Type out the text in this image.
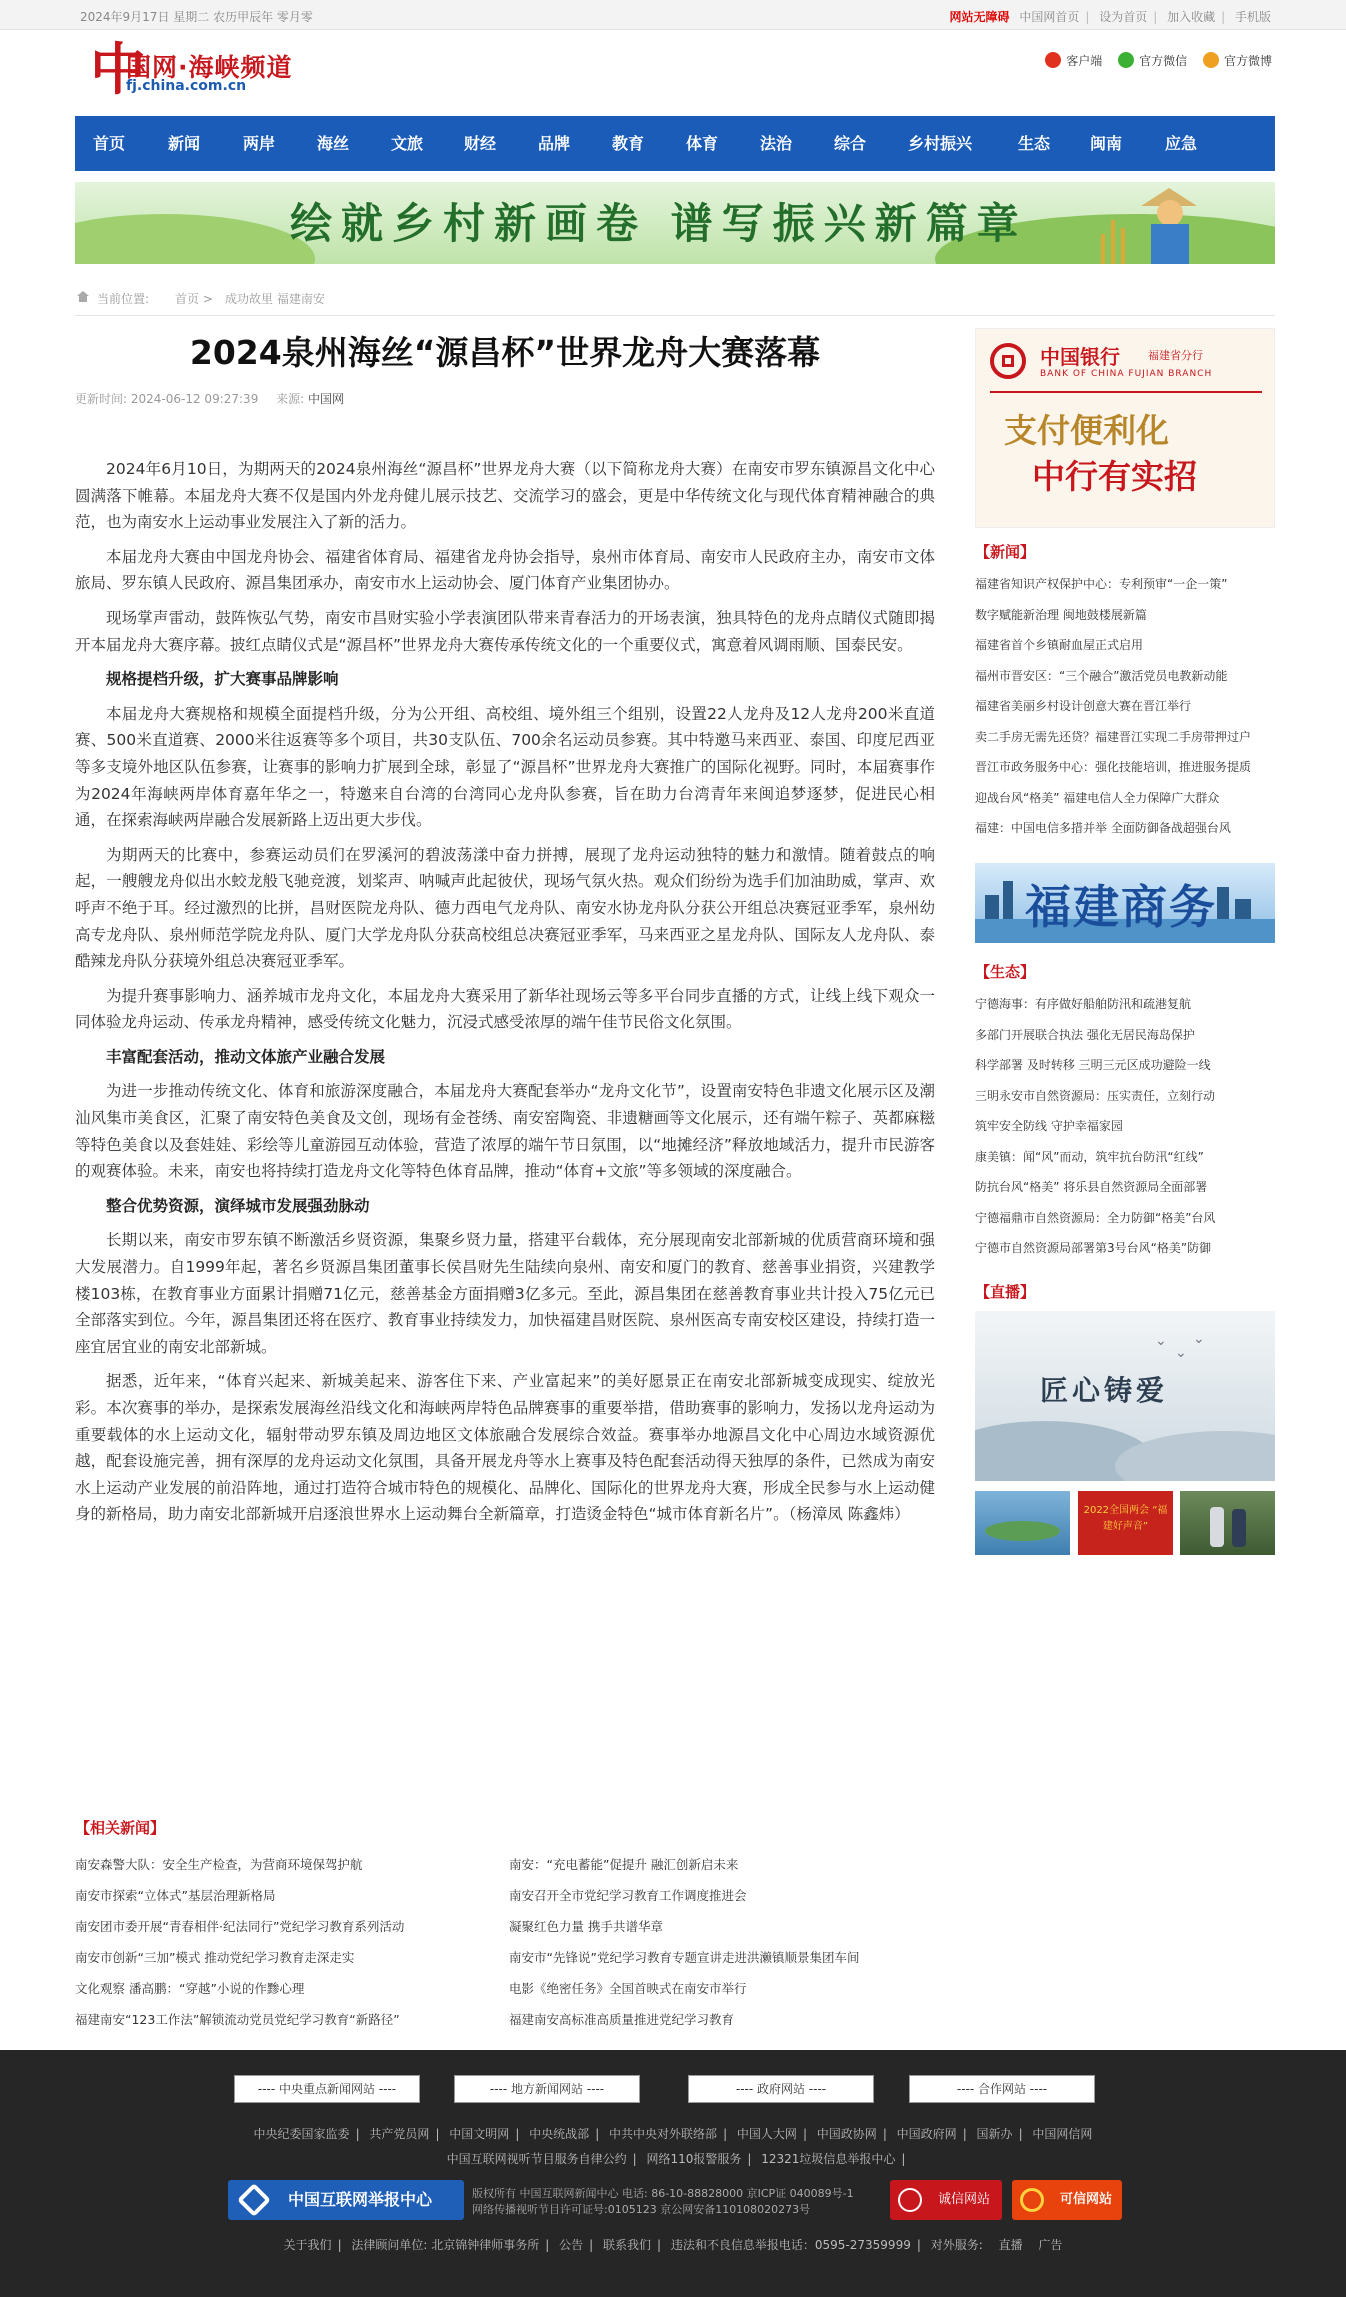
2024年9月17日 星期二 农历甲辰年 零月零	网站无障碍 中国网首页 | 设为首页 | 加入收藏 | 手机版
中
国网·海峡频道
fj.china.com.cn
客户端	官方微信	官方微博
首页	新闻	两岸	海丝	文旅	财经	品牌	教育	体育	法治	综合	乡村振兴	生态 闽南	应急
绘就乡村新画卷 谱写振兴新篇章
当前位置: 首页 > 成功故里 福建南安
2024泉州海丝“源昌杯”世界龙舟大赛落幕
更新时间: 2024-06-12 09:27:39 来源: 中国网

2024年6月10日，为期两天的2024泉州海丝“源昌杯”世界龙舟大赛（以下简称龙舟大赛）在南安市罗东镇源昌文化中心圆满落下帷幕。本届龙舟大赛不仅是国内外龙舟健儿展示技艺、交流学习的盛会，更是中华传统文化与现代体育精神融合的典范，也为南安水上运动事业发展注入了新的活力。

本届龙舟大赛由中国龙舟协会、福建省体育局、福建省龙舟协会指导，泉州市体育局、南安市人民政府主办，南安市文体旅局、罗东镇人民政府、源昌集团承办，南安市水上运动协会、厦门体育产业集团协办。

现场掌声雷动，鼓阵恢弘气势，南安市昌财实验小学表演团队带来青春活力的开场表演，独具特色的龙舟点睛仪式随即揭开本届龙舟大赛序幕。披红点睛仪式是“源昌杯”世界龙舟大赛传承传统文化的一个重要仪式，寓意着风调雨顺、国泰民安。

规格提档升级，扩大赛事品牌影响

本届龙舟大赛规格和规模全面提档升级，分为公开组、高校组、境外组三个组别，设置22人龙舟及12人龙舟200米直道赛、500米直道赛、2000米往返赛等多个项目，共30支队伍、700余名运动员参赛。其中特邀马来西亚、泰国、印度尼西亚等多支境外地区队伍参赛，让赛事的影响力扩展到全球，彰显了“源昌杯”世界龙舟大赛推广的国际化视野。同时，本届赛事作为2024年海峡两岸体育嘉年华之一，特邀来自台湾的台湾同心龙舟队参赛，旨在助力台湾青年来闽追梦逐梦，促进民心相通，在探索海峡两岸融合发展新路上迈出更大步伐。

为期两天的比赛中，参赛运动员们在罗溪河的碧波荡漾中奋力拼搏，展现了龙舟运动独特的魅力和激情。随着鼓点的响起，一艘艘龙舟似出水蛟龙般飞驰竞渡，划桨声、呐喊声此起彼伏，现场气氛火热。观众们纷纷为选手们加油助威，掌声、欢呼声不绝于耳。经过激烈的比拼，昌财医院龙舟队、德力西电气龙舟队、南安水协龙舟队分获公开组总决赛冠亚季军，泉州幼高专龙舟队、泉州师范学院龙舟队、厦门大学龙舟队分获高校组总决赛冠亚季军，马来西亚之星龙舟队、国际友人龙舟队、泰酷辣龙舟队分获境外组总决赛冠亚季军。

为提升赛事影响力、涵养城市龙舟文化，本届龙舟大赛采用了新华社现场云等多平台同步直播的方式，让线上线下观众一同体验龙舟运动、传承龙舟精神，感受传统文化魅力，沉浸式感受浓厚的端午佳节民俗文化氛围。

丰富配套活动，推动文体旅产业融合发展

为进一步推动传统文化、体育和旅游深度融合，本届龙舟大赛配套举办“龙舟文化节”，设置南安特色非遗文化展示区及潮汕风集市美食区，汇聚了南安特色美食及文创，现场有金苍绣、南安窑陶瓷、非遗糖画等文化展示，还有端午粽子、英都麻糍等特色美食以及套娃娃、彩绘等儿童游园互动体验，营造了浓厚的端午节日氛围，以“地摊经济”释放地域活力，提升市民游客的观赛体验。未来，南安也将持续打造龙舟文化等特色体育品牌，推动“体育+文旅”等多领域的深度融合。

整合优势资源，演绎城市发展强劲脉动

长期以来，南安市罗东镇不断激活乡贤资源，集聚乡贤力量，搭建平台载体，充分展现南安北部新城的优质营商环境和强大发展潜力。自1999年起，著名乡贤源昌集团董事长侯昌财先生陆续向泉州、南安和厦门的教育、慈善事业捐资，兴建教学楼103栋，在教育事业方面累计捐赠71亿元，慈善基金方面捐赠3亿多元。至此，源昌集团在慈善教育事业共计投入75亿元已全部落实到位。今年，源昌集团还将在医疗、教育事业持续发力，加快福建昌财医院、泉州医高专南安校区建设，持续打造一座宜居宜业的南安北部新城。

据悉，近年来，“体育兴起来、新城美起来、游客住下来、产业富起来”的美好愿景正在南安北部新城变成现实、绽放光彩。本次赛事的举办，是探索发展海丝沿线文化和海峡两岸特色品牌赛事的重要举措，借助赛事的影响力，发扬以龙舟运动为重要载体的水上运动文化，辐射带动罗东镇及周边地区文体旅融合发展综合效益。赛事举办地源昌文化中心周边水域资源优越，配套设施完善，拥有深厚的龙舟运动文化氛围，具备开展龙舟等水上赛事及特色配套活动得天独厚的条件，已然成为南安水上运动产业发展的前沿阵地，通过打造符合城市特色的规模化、品牌化、国际化的世界龙舟大赛，形成全民参与水上运动健身的新格局，助力南安北部新城开启逐浪世界水上运动舞台全新篇章，打造烫金特色“城市体育新名片”。（杨漳凤 陈鑫炜）

中国银行	福建省分行
BANK OF CHINA FUJIAN BRANCH
支付便利化
中行有实招
【新闻】
福建省知识产权保护中心：专利预审“一企一策”
数字赋能新治理 闽地鼓楼展新篇
福建省首个乡镇耐血屋正式启用
福州市晋安区：“三个融合”激活党员电教新动能
福建省美丽乡村设计创意大赛在晋江举行
卖二手房无需先还贷？福建晋江实现二手房带押过户
晋江市政务服务中心：强化技能培训，推进服务提质
迎战台风“格美” 福建电信人全力保障广大群众
福建：中国电信多措并举 全面防御备战超强台风
福建商务
【生态】
宁德海事：有序做好船舶防汛和疏港复航
多部门开展联合执法 强化无居民海岛保护
科学部署 及时转移 三明三元区成功避险一线
三明永安市自然资源局：压实责任，立刻行动
筑牢安全防线 守护幸福家园
康美镇：闻“风”而动，筑牢抗台防汛“红线”
防抗台风“格美” 将乐县自然资源局全面部署
宁德福鼎市自然资源局：全力防御“格美”台风
宁德市自然资源局部署第3号台风“格美”防御
【直播】
⌄
⌄
⌄
匠心铸爱
2022全国两会 “福建好声音”
【相关新闻】
南安森警大队：安全生产检查，为营商环境保驾护航
南安市探索“立体式”基层治理新格局
南安团市委开展“青春相伴·纪法同行”党纪学习教育系列活动
南安市创新“三加”模式 推动党纪学习教育走深走实
文化观察 潘高鹏：“穿越”小说的作黪心理
福建南安“123工作法”解锁流动党员党纪学习教育“新路径”
南安：“充电蓄能”促提升 融汇创新启未来
南安召开全市党纪学习教育工作调度推进会
凝聚红色力量 携手共谱华章
南安市“先锋说”党纪学习教育专题宣讲走进洪濑镇顺景集团车间
电影《绝密任务》全国首映式在南安市举行
福建南安高标准高质量推进党纪学习教育
---- 中央重点新闻网站 ----	---- 地方新闻网站 ----	---- 政府网站 ----	---- 合作网站 ----
中央纪委国家监委 | 共产党员网 | 中国文明网 | 中央统战部 | 中共中央对外联络部 | 中国人大网 | 中国政协网 | 中国政府网 | 国新办 | 中国网信网
中国互联网视听节目服务自律公约 | 网络110报警服务 | 12321垃圾信息举报中心 |
中国互联网举报中心	版权所有 中国互联网新闻中心 电话: 86-10-88828000 京ICP证 040089号-1
网络传播视听节目许可证号:0105123 京公网安备110108020273号
诚信网站	可信网站
关于我们 | 法律顾问单位: 北京锦钟律师事务所 | 公告 | 联系我们 | 违法和不良信息举报电话：0595-27359999 | 对外服务: 直播 广告
